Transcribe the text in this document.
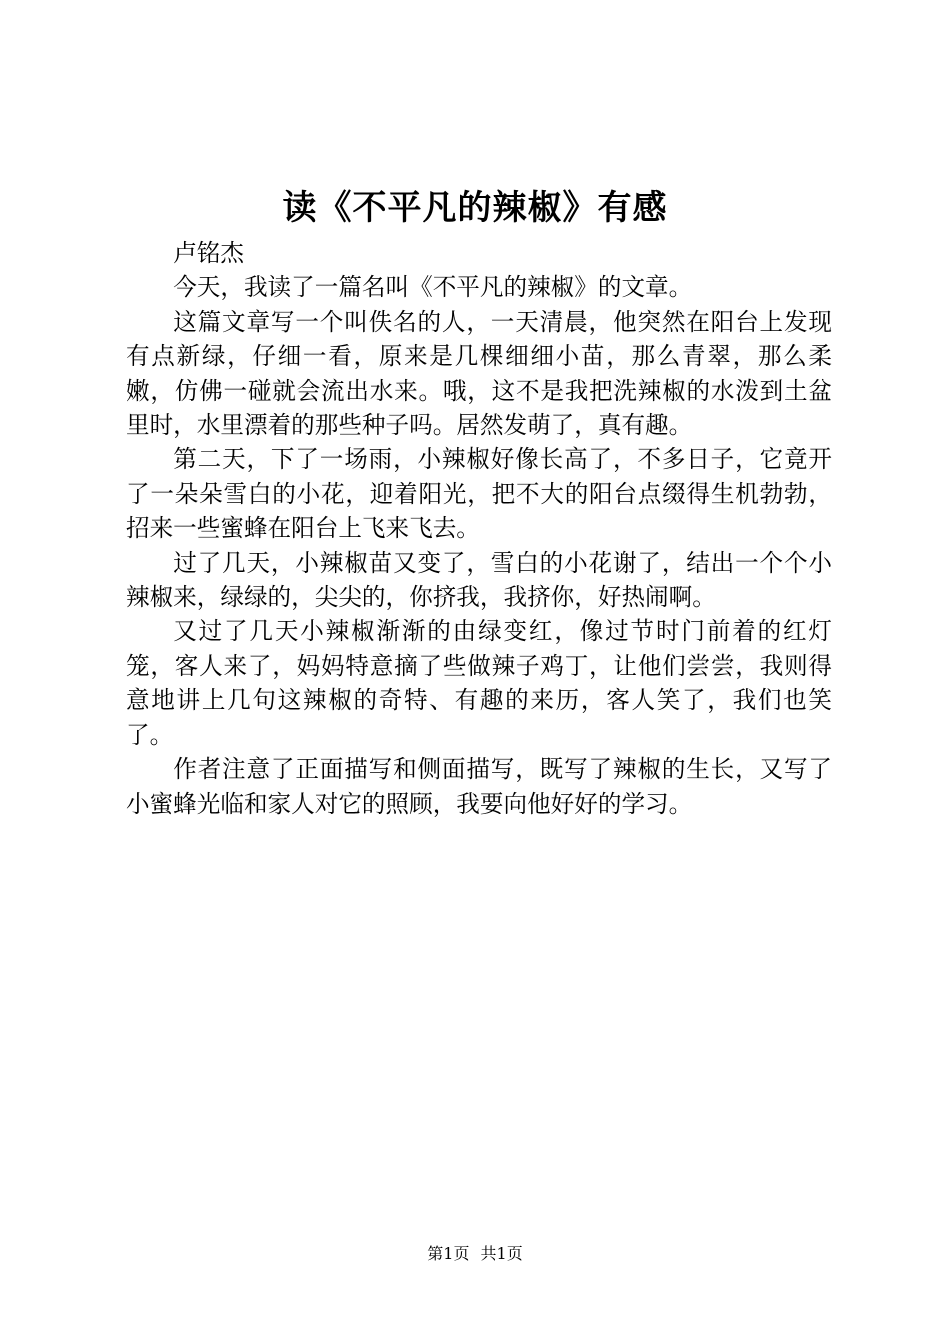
读《不平凡的辣椒》有感

卢铭杰

今天，我读了一篇名叫《不平凡的辣椒》的文章。

这篇文章写一个叫佚名的人，一天清晨，他突然在阳台上发现有点新绿，仔细一看，原来是几棵细细小苗，那么青翠，那么柔嫩，仿佛一碰就会流出水来。哦，这不是我把洗辣椒的水泼到土盆里时，水里漂着的那些种子吗。居然发萌了，真有趣。

第二天，下了一场雨，小辣椒好像长高了，不多日子，它竟开了一朵朵雪白的小花，迎着阳光，把不大的阳台点缀得生机勃勃，招来一些蜜蜂在阳台上飞来飞去。

过了几天，小辣椒苗又变了，雪白的小花谢了，结出一个个小辣椒来，绿绿的，尖尖的，你挤我，我挤你，好热闹啊。

又过了几天小辣椒渐渐的由绿变红，像过节时门前着的红灯笼，客人来了，妈妈特意摘了些做辣子鸡丁，让他们尝尝，我则得意地讲上几句这辣椒的奇特、有趣的来历，客人笑了，我们也笑了。

作者注意了正面描写和侧面描写，既写了辣椒的生长，又写了小蜜蜂光临和家人对它的照顾，我要向他好好的学习。

第1页 共1页
